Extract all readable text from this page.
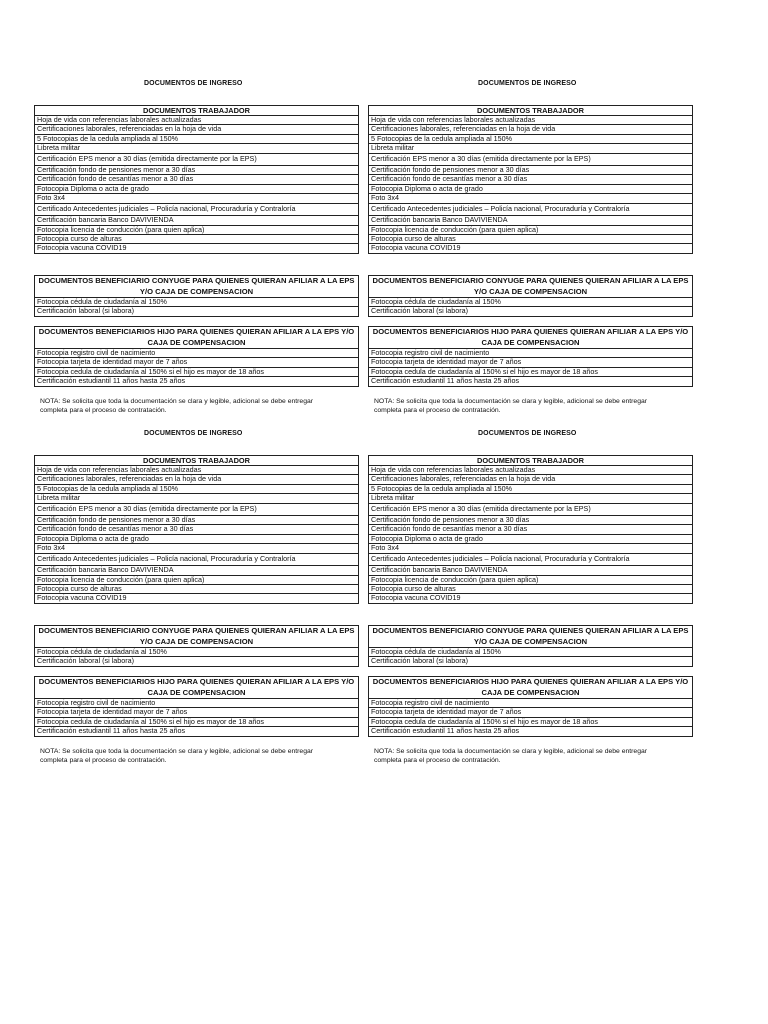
DOCUMENTOS DE INGRESO
DOCUMENTOS TRABAJADOR
Hoja de vida con referencias laborales actualizadas
Certificaciones laborales, referenciadas en la hoja de vida
5 Fotocopias de la cedula ampliada al 150%
Libreta militar
Certificación EPS menor a 30 días (emitida directamente por la EPS)
Certificación fondo de pensiones menor a 30 días
Certificación fondo de cesantías menor a 30 días
Fotocopia Diploma o acta de grado
Foto 3x4
Certificado Antecedentes judiciales – Policía nacional, Procuraduría y Contraloría
Certificación bancaria Banco DAVIVIENDA
Fotocopia licencia de conducción (para quien aplica)
Fotocopia curso de alturas
Fotocopia vacuna COVID19
DOCUMENTOS BENEFICIARIO CONYUGE PARA QUIENES QUIERAN AFILIAR A LA EPS Y/O CAJA DE COMPENSACION
Fotocopia cédula de ciudadanía al 150%
Certificación laboral (si labora)
DOCUMENTOS BENEFICIARIOS HIJO PARA QUIENES QUIERAN AFILIAR A LA EPS Y/O CAJA DE COMPENSACION
Fotocopia registro civil de nacimiento
Fotocopia tarjeta de identidad mayor de 7 años
Fotocopia cedula de ciudadanía al 150% si el hijo es mayor de 18 años
Certificación estudiantil 11 años hasta 25 años
NOTA: Se solicita que toda la documentación se clara y legible, adicional se debe entregar completa para el proceso de contratación.
DOCUMENTOS DE INGRESO
DOCUMENTOS TRABAJADOR
Hoja de vida con referencias laborales actualizadas
Certificaciones laborales, referenciadas en la hoja de vida
5 Fotocopias de la cedula ampliada al 150%
Libreta militar
Certificación EPS menor a 30 días (emitida directamente por la EPS)
Certificación fondo de pensiones menor a 30 días
Certificación fondo de cesantías menor a 30 días
Fotocopia Diploma o acta de grado
Foto 3x4
Certificado Antecedentes judiciales – Policía nacional, Procuraduría y Contraloría
Certificación bancaria Banco DAVIVIENDA
Fotocopia licencia de conducción (para quien aplica)
Fotocopia curso de alturas
Fotocopia vacuna COVID19
DOCUMENTOS BENEFICIARIO CONYUGE PARA QUIENES QUIERAN AFILIAR A LA EPS Y/O CAJA DE COMPENSACION
Fotocopia cédula de ciudadanía al 150%
Certificación laboral (si labora)
DOCUMENTOS BENEFICIARIOS HIJO PARA QUIENES QUIERAN AFILIAR A LA EPS Y/O CAJA DE COMPENSACION
Fotocopia registro civil de nacimiento
Fotocopia tarjeta de identidad mayor de 7 años
Fotocopia cedula de ciudadanía al 150% si el hijo es mayor de 18 años
Certificación estudiantil 11 años hasta 25 años
NOTA: Se solicita que toda la documentación se clara y legible, adicional se debe entregar completa para el proceso de contratación.
DOCUMENTOS DE INGRESO
DOCUMENTOS TRABAJADOR
Hoja de vida con referencias laborales actualizadas
Certificaciones laborales, referenciadas en la hoja de vida
5 Fotocopias de la cedula ampliada al 150%
Libreta militar
Certificación EPS menor a 30 días (emitida directamente por la EPS)
Certificación fondo de pensiones menor a 30 días
Certificación fondo de cesantías menor a 30 días
Fotocopia Diploma o acta de grado
Foto 3x4
Certificado Antecedentes judiciales – Policía nacional, Procuraduría y Contraloría
Certificación bancaria Banco DAVIVIENDA
Fotocopia licencia de conducción (para quien aplica)
Fotocopia curso de alturas
Fotocopia vacuna COVID19
DOCUMENTOS BENEFICIARIO CONYUGE PARA QUIENES QUIERAN AFILIAR A LA EPS Y/O CAJA DE COMPENSACION
Fotocopia cédula de ciudadanía al 150%
Certificación laboral (si labora)
DOCUMENTOS BENEFICIARIOS HIJO PARA QUIENES QUIERAN AFILIAR A LA EPS Y/O CAJA DE COMPENSACION
Fotocopia registro civil de nacimiento
Fotocopia tarjeta de identidad mayor de 7 años
Fotocopia cedula de ciudadanía al 150% si el hijo es mayor de 18 años
Certificación estudiantil 11 años hasta 25 años
NOTA: Se solicita que toda la documentación se clara y legible, adicional se debe entregar completa para el proceso de contratación.
DOCUMENTOS DE INGRESO
DOCUMENTOS TRABAJADOR
Hoja de vida con referencias laborales actualizadas
Certificaciones laborales, referenciadas en la hoja de vida
5 Fotocopias de la cedula ampliada al 150%
Libreta militar
Certificación EPS menor a 30 días (emitida directamente por la EPS)
Certificación fondo de pensiones menor a 30 días
Certificación fondo de cesantías menor a 30 días
Fotocopia Diploma o acta de grado
Foto 3x4
Certificado Antecedentes judiciales – Policía nacional, Procuraduría y Contraloría
Certificación bancaria Banco DAVIVIENDA
Fotocopia licencia de conducción (para quien aplica)
Fotocopia curso de alturas
Fotocopia vacuna COVID19
DOCUMENTOS BENEFICIARIO CONYUGE PARA QUIENES QUIERAN AFILIAR A LA EPS Y/O CAJA DE COMPENSACION
Fotocopia cédula de ciudadanía al 150%
Certificación laboral (si labora)
DOCUMENTOS BENEFICIARIOS HIJO PARA QUIENES QUIERAN AFILIAR A LA EPS Y/O CAJA DE COMPENSACION
Fotocopia registro civil de nacimiento
Fotocopia tarjeta de identidad mayor de 7 años
Fotocopia cedula de ciudadanía al 150% si el hijo es mayor de 18 años
Certificación estudiantil 11 años hasta 25 años
NOTA: Se solicita que toda la documentación se clara y legible, adicional se debe entregar completa para el proceso de contratación.
